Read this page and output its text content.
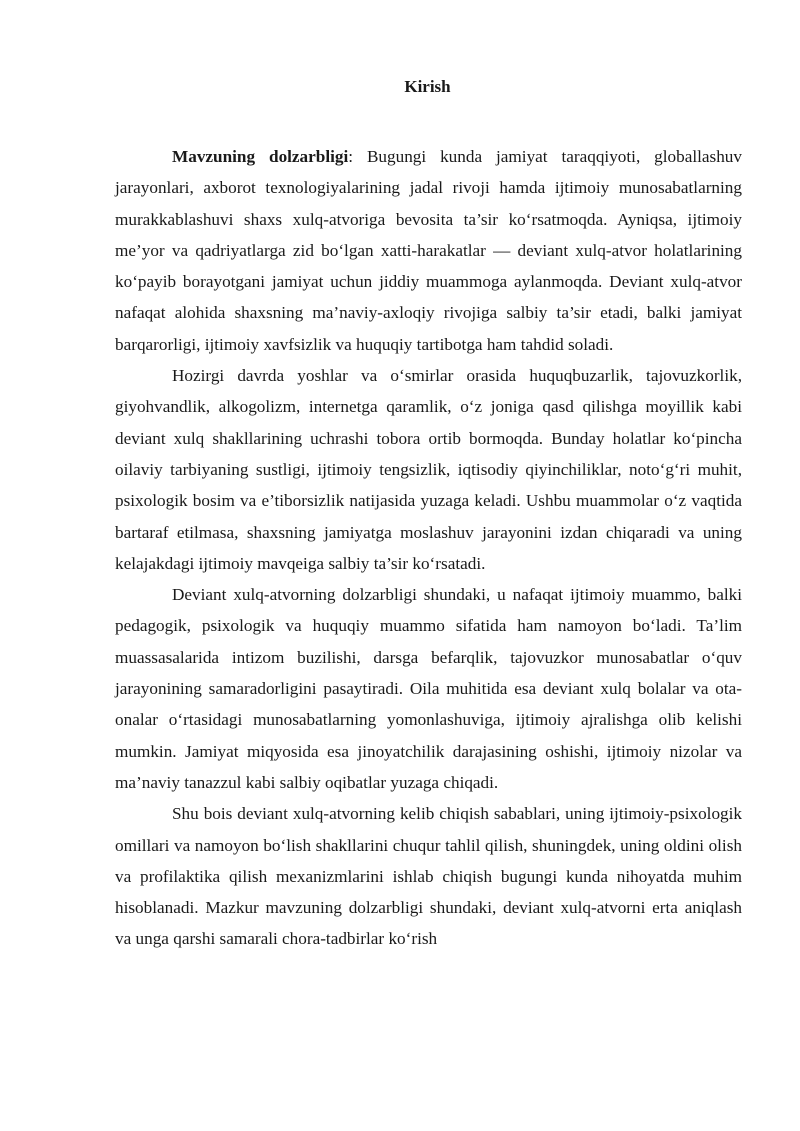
Kirish

Mavzuning dolzarbligi: Bugungi kunda jamiyat taraqqiyoti, globallashuv jarayonlari, axborot texnologiyalarining jadal rivoji hamda ijtimoiy munosabatlarning murakkablashuvi shaxs xulq-atvoriga bevosita ta’sir ko‘rsatmoqda. Ayniqsa, ijtimoiy me’yor va qadriyatlarga zid bo‘lgan xatti-harakatlar — deviant xulq-atvor holatlarining ko‘payib borayotgani jamiyat uchun jiddiy muammoga aylanmoqda. Deviant xulq-atvor nafaqat alohida shaxsning ma’naviy-axloqiy rivojiga salbiy ta’sir etadi, balki jamiyat barqarorligi, ijtimoiy xavfsizlik va huquqiy tartibotga ham tahdid soladi.

Hozirgi davrda yoshlar va o‘smirlar orasida huquqbuzarlik, tajovuzkorlik, giyohvandlik, alkogolizm, internetga qaramlik, o‘z joniga qasd qilishga moyillik kabi deviant xulq shakllarining uchrashi tobora ortib bormoqda. Bunday holatlar ko‘pincha oilaviy tarbiyaning sustligi, ijtimoiy tengsizlik, iqtisodiy qiyinchiliklar, noto‘g‘ri muhit, psixologik bosim va e’tiborsizlik natijasida yuzaga keladi. Ushbu muammolar o‘z vaqtida bartaraf etilmasa, shaxsning jamiyatga moslashuv jarayonini izdan chiqaradi va uning kelajakdagi ijtimoiy mavqeiga salbiy ta’sir ko‘rsatadi.

Deviant xulq-atvorning dolzarbligi shundaki, u nafaqat ijtimoiy muammo, balki pedagogik, psixologik va huquqiy muammo sifatida ham namoyon bo‘ladi. Ta’lim muassasalarida intizom buzilishi, darsga befarqlik, tajovuzkor munosabatlar o‘quv jarayonining samaradorligini pasaytiradi. Oila muhitida esa deviant xulq bolalar va ota-onalar o‘rtasidagi munosabatlarning yomonlashuviga, ijtimoiy ajralishga olib kelishi mumkin. Jamiyat miqyosida esa jinoyatchilik darajasining oshishi, ijtimoiy nizolar va ma’naviy tanazzul kabi salbiy oqibatlar yuzaga chiqadi.

Shu bois deviant xulq-atvorning kelib chiqish sabablari, uning ijtimoiy-psixologik omillari va namoyon bo‘lish shakllarini chuqur tahlil qilish, shuningdek, uning oldini olish va profilaktika qilish mexanizmlarini ishlab chiqish bugungi kunda nihoyatda muhim hisoblanadi. Mazkur mavzuning dolzarbligi shundaki, deviant xulq-atvorni erta aniqlash va unga qarshi samarali chora-tadbirlar ko‘rish
